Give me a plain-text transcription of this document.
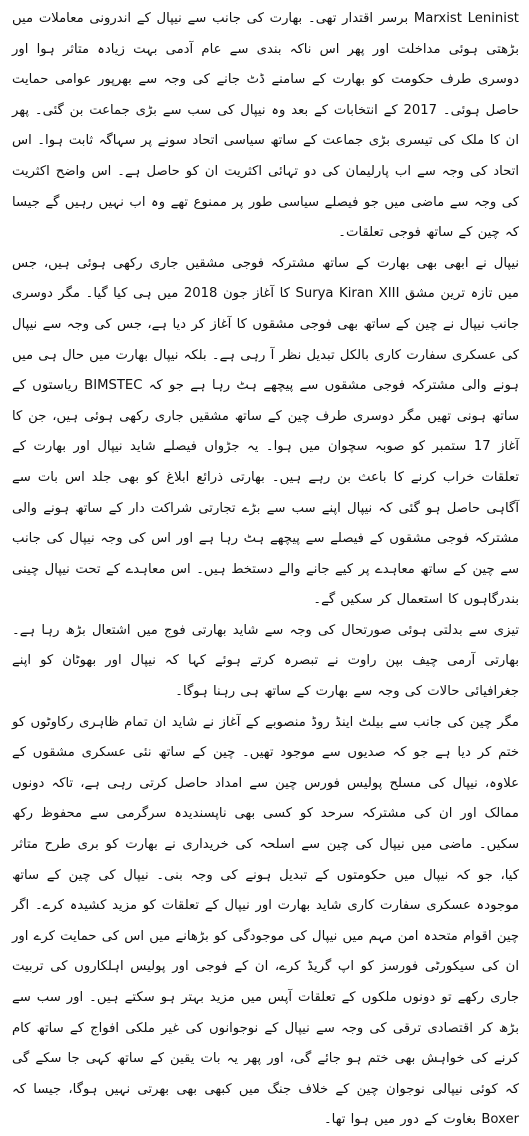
Marxist Leninist برسر اقتدار تھی۔ بھارت کی جانب سے نیپال کے اندرونی معاملات میں بڑھتی ہوئی مداخلت اور پھر اس ناکہ بندی سے عام آدمی بہت زیادہ متاثر ہوا اور دوسری طرف حکومت کو بھارت کے سامنے ڈٹ جانے کی وجہ سے بھرپور عوامی حمایت حاصل ہوئی۔ 2017 کے انتخابات کے بعد وہ نیپال کی سب سے بڑی جماعت بن گئی۔ پھر ان کا ملک کی تیسری بڑی جماعت کے ساتھ سیاسی اتحاد سونے پر سہاگہ ثابت ہوا۔ اس اتحاد کی وجہ سے اب پارلیمان کی دو تہائی اکثریت ان کو حاصل ہے۔ اس واضح اکثریت کی وجہ سے ماضی میں جو فیصلے سیاسی طور پر ممنوع تھے وہ اب نہیں رہیں گے جیسا کہ چین کے ساتھ فوجی تعلقات۔

نیپال نے ابھی بھی بھارت کے ساتھ مشترکہ فوجی مشقیں جاری رکھی ہوئی ہیں، جس میں تازہ ترین مشق Surya Kiran XIII کا آغاز جون 2018 میں ہی کیا گیا۔ مگر دوسری جانب نیپال نے چین کے ساتھ بھی فوجی مشقوں کا آغاز کر دیا ہے، جس کی وجہ سے نیپال کی عسکری سفارت کاری بالکل تبدیل نظر آ رہی ہے۔ بلکہ نیپال بھارت میں حال ہی میں ہونے والی مشترکہ فوجی مشقوں سے پیچھے ہٹ رہا ہے جو کہ BIMSTEC ریاستوں کے ساتھ ہونی تھیں مگر دوسری طرف چین کے ساتھ مشقیں جاری رکھی ہوئی ہیں، جن کا آغاز 17 ستمبر کو صوبہ سچوان میں ہوا۔ یہ جڑواں فیصلے شاید نیپال اور بھارت کے تعلقات خراب کرنے کا باعث بن رہے ہیں۔ بھارتی ذرائع ابلاغ کو بھی جلد اس بات سے آگاہی حاصل ہو گئی کہ نیپال اپنے سب سے بڑے تجارتی شراکت دار کے ساتھ ہونے والی مشترکہ فوجی مشقوں کے فیصلے سے پیچھے ہٹ رہا ہے اور اس کی وجہ نیپال کی جانب سے چین کے ساتھ معاہدے پر کیے جانے والے دستخط ہیں۔ اس معاہدے کے تحت نیپال چینی بندرگاہوں کا استعمال کر سکیں گے۔

تیزی سے بدلتی ہوئی صورتحال کی وجہ سے شاید بھارتی فوج میں اشتعال بڑھ رہا ہے۔ بھارتی آرمی چیف بپن راوت نے تبصرہ کرتے ہوئے کہا کہ نیپال اور بھوٹان کو اپنے جغرافیائی حالات کی وجہ سے بھارت کے ساتھ ہی رہنا ہوگا۔

مگر چین کی جانب سے بیلٹ اینڈ روڈ منصوبے کے آغاز نے شاید ان تمام ظاہری رکاوٹوں کو ختم کر دیا ہے جو کہ صدیوں سے موجود تھیں۔ چین کے ساتھ نئی عسکری مشقوں کے علاوہ، نیپال کی مسلح پولیس فورس چین سے امداد حاصل کرتی رہی ہے، تاکہ دونوں ممالک اور ان کی مشترکہ سرحد کو کسی بھی ناپسندیدہ سرگرمی سے محفوظ رکھ سکیں۔ ماضی میں نیپال کی چین سے اسلحہ کی خریداری نے بھارت کو بری طرح متاثر کیا، جو کہ نیپال میں حکومتوں کے تبدیل ہونے کی وجہ بنی۔ نیپال کی چین کے ساتھ موجودہ عسکری سفارت کاری شاید بھارت اور نیپال کے تعلقات کو مزید کشیدہ کرے۔ اگر چین اقوام متحدہ امن مہم میں نیپال کی موجودگی کو بڑھانے میں اس کی حمایت کرے اور ان کی سیکورٹی فورسز کو اپ گریڈ کرے، ان کے فوجی اور پولیس اہلکاروں کی تربیت جاری رکھے تو دونوں ملکوں کے تعلقات آپس میں مزید بہتر ہو سکتے ہیں۔ اور سب سے بڑھ کر اقتصادی ترقی کی وجہ سے نیپال کے نوجوانوں کی غیر ملکی افواج کے ساتھ کام کرنے کی خواہش بھی ختم ہو جائے گی، اور پھر یہ بات یقین کے ساتھ کہی جا سکے گی کہ کوئی نیپالی نوجوان چین کے خلاف جنگ میں کبھی بھی بھرتی نہیں ہوگا، جیسا کہ Boxer بغاوت کے دور میں ہوا تھا۔
